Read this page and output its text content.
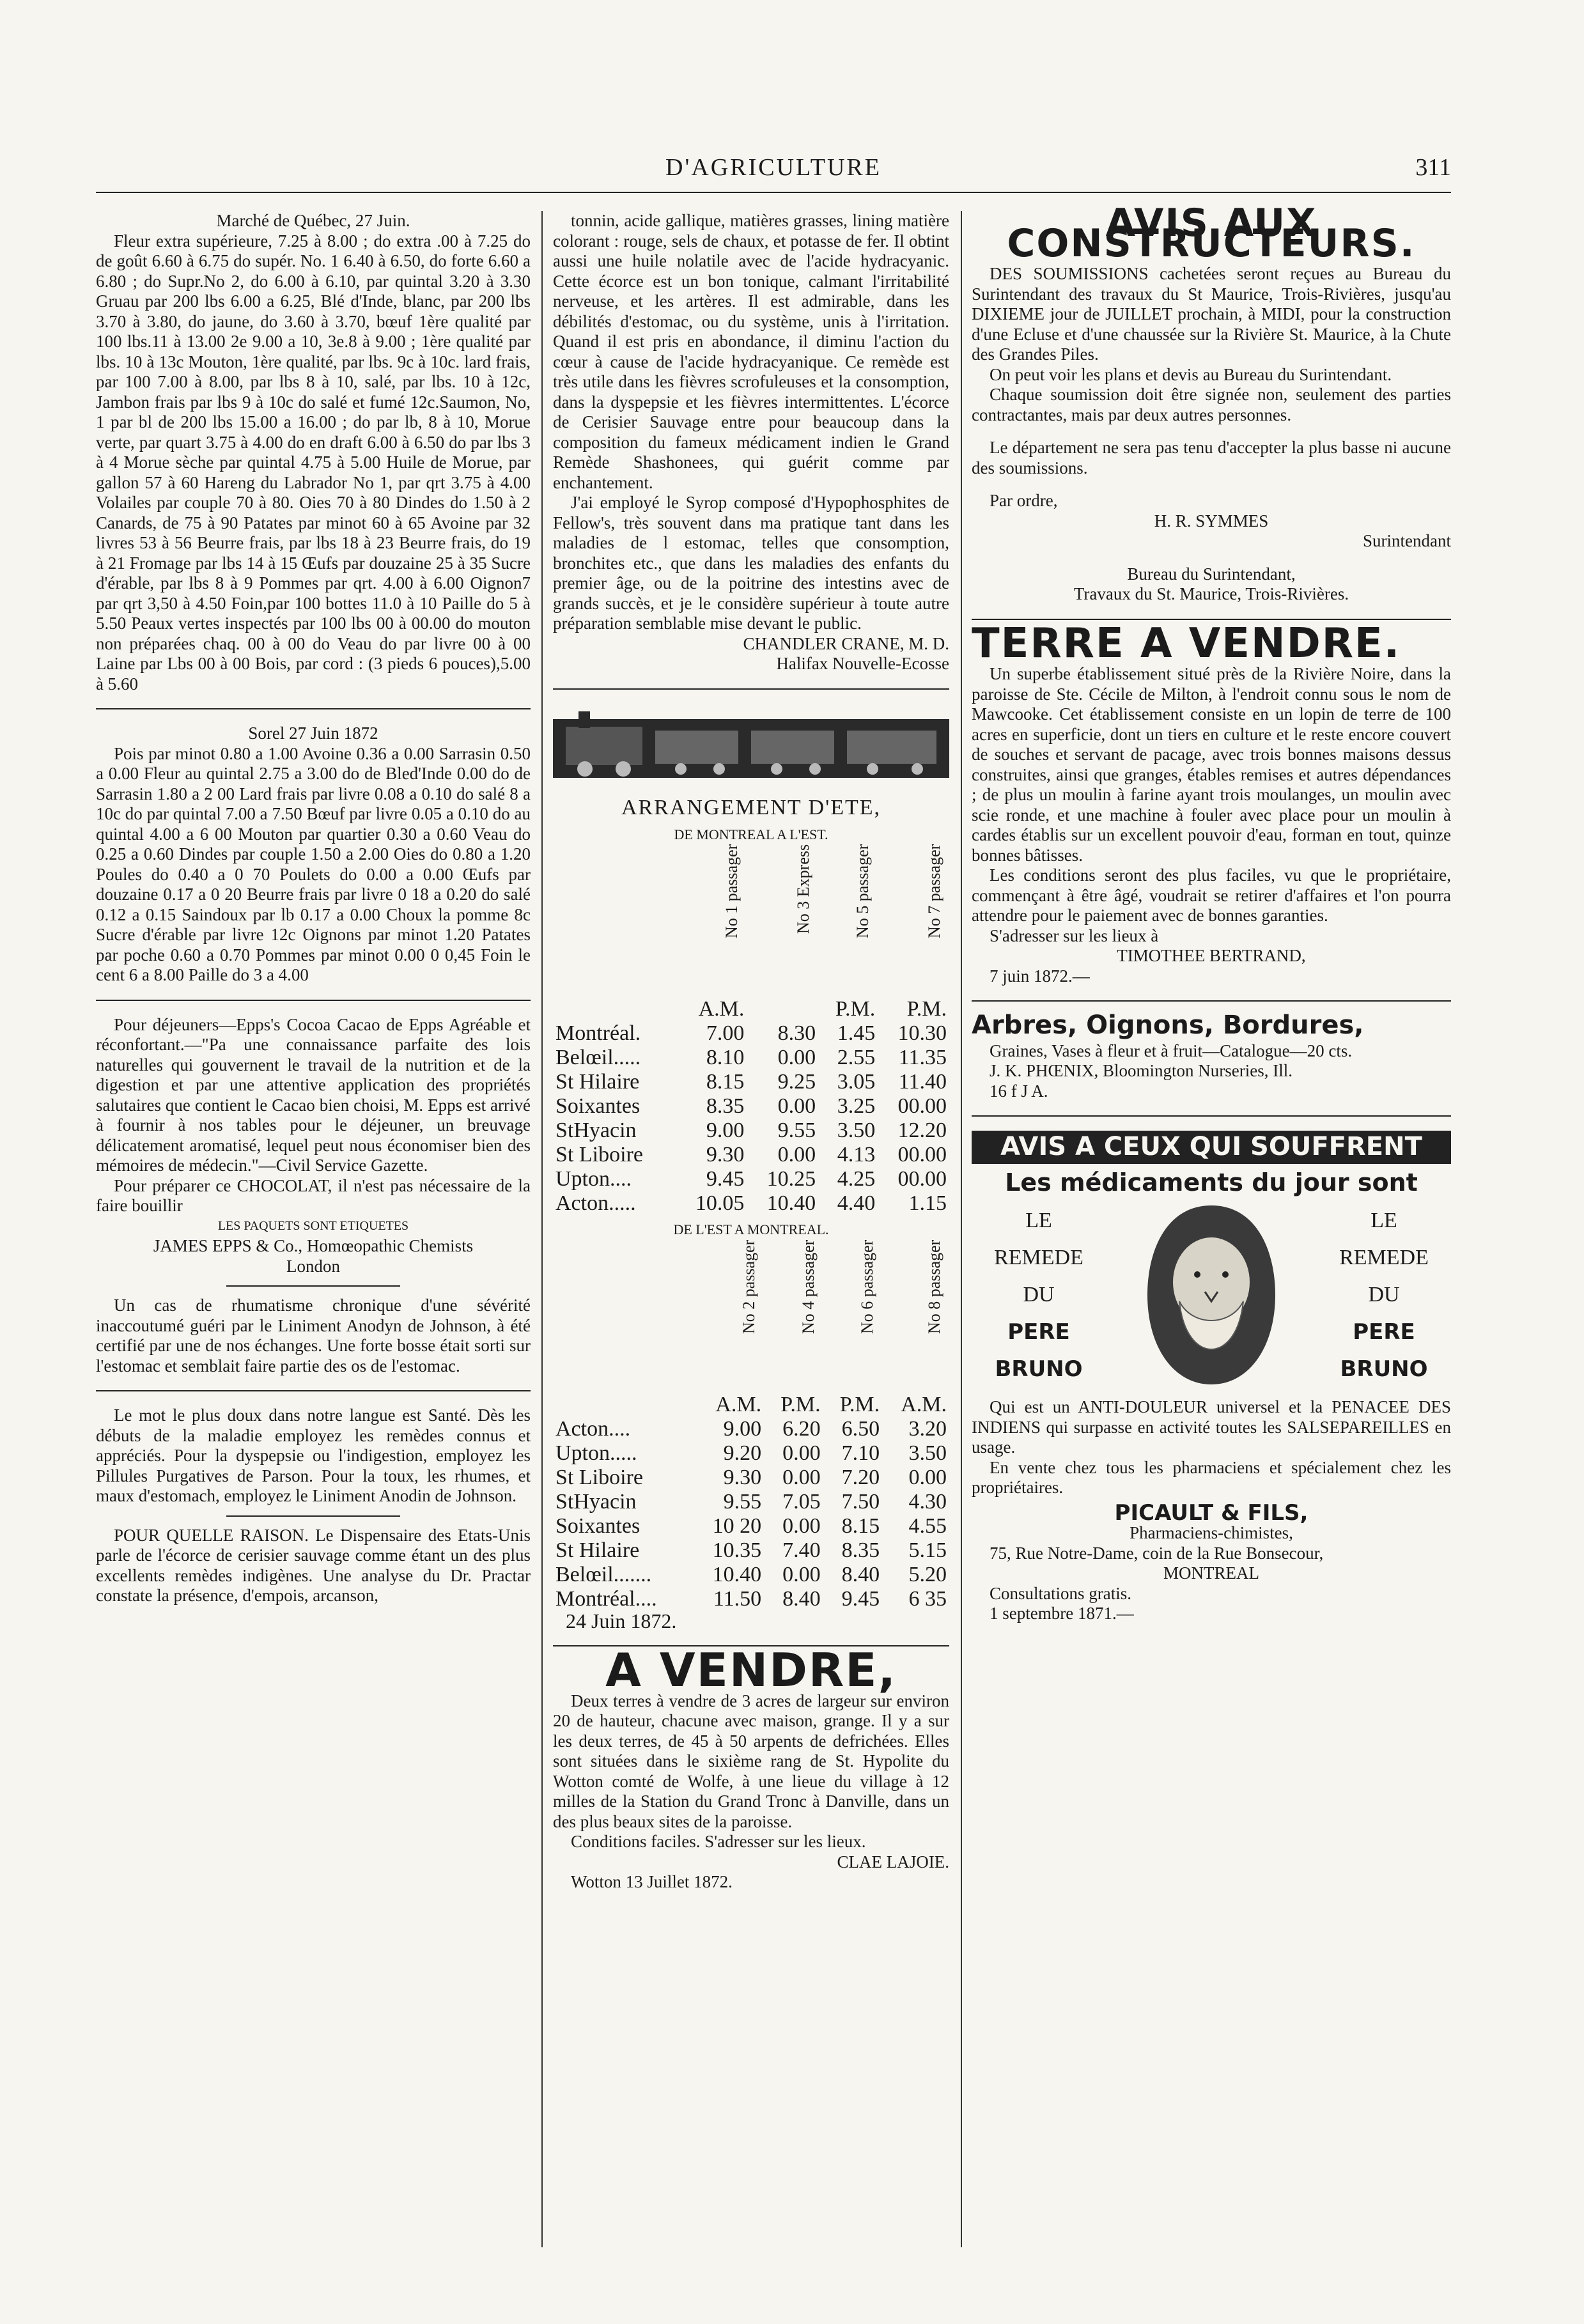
D'AGRICULTURE	311

Marché de Québec, 27 Juin.

Fleur extra supérieure, 7.25 à 8.00 ; do extra .00 à 7.25 do de goût 6.60 à 6.75 do supér. No. 1 6.40 à 6.50, do forte 6.60 a 6.80 ; do Supr.No 2, do 6.00 à 6.10, par quintal 3.20 à 3.30 Gruau par 200 lbs 6.00 a 6.25, Blé d'Inde, blanc, par 200 lbs 3.70 à 3.80, do jaune, do 3.60 à 3.70, bœuf 1ère qualité par 100 lbs.11 à 13.00 2e 9.00 a 10, 3e.8 à 9.00 ; 1ère qualité par lbs. 10 à 13c Mouton, 1ère qualité, par lbs. 9c à 10c. lard frais, par 100 7.00 à 8.00, par lbs 8 à 10, salé, par lbs. 10 à 12c, Jambon frais par lbs 9 à 10c do salé et fumé 12c.Saumon, No, 1 par bl de 200 lbs 15.00 a 16.00 ; do par lb, 8 à 10, Morue verte, par quart 3.75 à 4.00 do en draft 6.00 à 6.50 do par lbs 3 à 4 Morue sèche par quintal 4.75 à 5.00 Huile de Morue, par gallon 57 à 60 Hareng du Labrador No 1, par qrt 3.75 à 4.00 Volailes par couple 70 à 80. Oies 70 à 80 Dindes do 1.50 à 2 Canards, de 75 à 90 Patates par minot 60 à 65 Avoine par 32 livres 53 à 56 Beurre frais, par lbs 18 à 23 Beurre frais, do 19 à 21 Fromage par lbs 14 à 15 Œufs par douzaine 25 à 35 Sucre d'érable, par lbs 8 à 9 Pommes par qrt. 4.00 à 6.00 Oignon7 par qrt 3,50 à 4.50 Foin,par 100 bottes 11.0 à 10 Paille do 5 à 5.50 Peaux vertes inspectés par 100 lbs 00 à 00.00 do mouton non préparées chaq. 00 à 00 do Veau do par livre 00 à 00 Laine par Lbs 00 à 00 Bois, par cord : (3 pieds 6 pouces),5.00 à 5.60

Sorel 27 Juin 1872

Pois par minot 0.80 a 1.00 Avoine 0.36 a 0.00 Sarrasin 0.50 a 0.00 Fleur au quintal 2.75 a 3.00 do de Bled'Inde 0.00 do de Sarrasin 1.80 a 2 00 Lard frais par livre 0.08 a 0.10 do salé 8 a 10c do par quintal 7.00 a 7.50 Bœuf par livre 0.05 a 0.10 do au quintal 4.00 a 6 00 Mouton par quartier 0.30 a 0.60 Veau do 0.25 a 0.60 Dindes par couple 1.50 a 2.00 Oies do 0.80 a 1.20 Poules do 0.40 a 0 70 Poulets do 0.00 a 0.00 Œufs par douzaine 0.17 a 0 20 Beurre frais par livre 0 18 a 0.20 do salé 0.12 a 0.15 Saindoux par lb 0.17 a 0.00 Choux la pomme 8c Sucre d'érable par livre 12c Oignons par minot 1.20 Patates par poche 0.60 a 0.70 Pommes par minot 0.00 0 0,45 Foin le cent 6 a 8.00 Paille do 3 a 4.00

Pour déjeuners—Epps's Cocoa Cacao de Epps Agréable et réconfortant.—"Pa une connaissance parfaite des lois naturelles qui gouvernent le travail de la nutrition et de la digestion et par une attentive application des propriétés salutaires que contient le Cacao bien choisi, M. Epps est arrivé à fournir à nos tables pour le déjeuner, un breuvage délicatement aromatisé, lequel peut nous économiser bien des mémoires de médecin."—Civil Service Gazette.

Pour préparer ce CHOCOLAT, il n'est pas nécessaire de la faire bouillir

LES PAQUETS SONT ETIQUETES

JAMES EPPS & Co., Homœopathic Chemists

London

Un cas de rhumatisme chronique d'une sévérité inaccoutumé guéri par le Liniment Anodyn de Johnson, à été certifié par une de nos échanges. Une forte bosse était sorti sur l'estomac et semblait faire partie des os de l'estomac.

Le mot le plus doux dans notre langue est Santé. Dès les débuts de la maladie employez les remèdes connus et appréciés. Pour la dyspepsie ou l'indigestion, employez les Pillules Purgatives de Parson. Pour la toux, les rhumes, et maux d'estomach, employez le Liniment Anodin de Johnson.

POUR QUELLE RAISON. Le Dispensaire des Etats-Unis parle de l'écorce de cerisier sauvage comme étant un des plus excellents remèdes indigènes. Une analyse du Dr. Practar constate la présence, d'empois, arcanson,

tonnin, acide gallique, matières grasses, lining matière colorant : rouge, sels de chaux, et potasse de fer. Il obtint aussi une huile nolatile avec de l'acide hydracyanic. Cette écorce est un bon tonique, calmant l'irritabilité nerveuse, et les artères. Il est admirable, dans les débilités d'estomac, ou du système, unis à l'irritation. Quand il est pris en abondance, il diminu l'action du cœur à cause de l'acide hydracyanique. Ce remède est très utile dans les fièvres scrofuleuses et la consomption, dans la dyspepsie et les fièvres intermittentes. L'écorce de Cerisier Sauvage entre pour beaucoup dans la composition du fameux médicament indien le Grand Remède Shashonees, qui guérit comme par enchantement.

J'ai employé le Syrop composé d'Hypophosphites de Fellow's, très souvent dans ma pratique tant dans les maladies de l estomac, telles que consomption, bronchites etc., que dans les maladies des enfants du premier âge, ou de la poitrine des intestins avec de grands succès, et je le considère supérieur à toute autre préparation semblable mise devant le public.

CHANDLER CRANE, M. D.

Halifax Nouvelle-Ecosse

ARRANGEMENT D'ETE,

DE MONTREAL A L'EST.

	No 1 passager	No 3 Express	No 5 passager	No 7 passager
	A.M.		P.M.	P.M.
Montréal.	7.00	8.30	1.45	10.30
Belœil.....	8.10	0.00	2.55	11.35
St Hilaire	8.15	9.25	3.05	11.40
Soixantes	8.35	0.00	3.25	00.00
StHyacin	9.00	9.55	3.50	12.20
St Liboire	9.30	0.00	4.13	00.00
Upton....	9.45	10.25	4.25	00.00
Acton.....	10.05	10.40	4.40	1.15

DE L'EST A MONTREAL.

	No 2 passager	No 4 passager	No 6 passager	No 8 passager
	A.M.	P.M.	P.M.	A.M.
Acton....	9.00	6.20	6.50	3.20
Upton.....	9.20	0.00	7.10	3.50
St Liboire	9.30	0.00	7.20	0.00
StHyacin	9.55	7.05	7.50	4.30
Soixantes	10 20	0.00	8.15	4.55
St Hilaire	10.35	7.40	8.35	5.15
Belœil.......	10.40	0.00	8.40	5.20
Montréal....	11.50	8.40	9.45	6 35

24 Juin 1872.

A VENDRE,

Deux terres à vendre de 3 acres de largeur sur environ 20 de hauteur, chacune avec maison, grange. Il y a sur les deux terres, de 45 à 50 arpents de defrichées. Elles sont situées dans le sixième rang de St. Hypolite du Wotton comté de Wolfe, à une lieue du village à 12 milles de la Station du Grand Tronc à Danville, dans un des plus beaux sites de la paroisse.

Conditions faciles. S'adresser sur les lieux.

CLAE LAJOIE.

Wotton 13 Juillet 1872.

AVIS AUX CONSTRUCTEURS.

DES SOUMISSIONS cachetées seront reçues au Bureau du Surintendant des travaux du St Maurice, Trois-Rivières, jusqu'au DIXIEME jour de JUILLET prochain, à MIDI, pour la construction d'une Ecluse et d'une chaussée sur la Rivière St. Maurice, à la Chute des Grandes Piles.

On peut voir les plans et devis au Bureau du Surintendant.

Chaque soumission doit être signée non, seulement des parties contractantes, mais par deux autres personnes.

Le département ne sera pas tenu d'accepter la plus basse ni aucune des soumissions.

Par ordre,

H. R. SYMMES

Surintendant

Bureau du Surintendant,

Travaux du St. Maurice, Trois-Rivières.

TERRE A VENDRE.

Un superbe établissement situé près de la Rivière Noire, dans la paroisse de Ste. Cécile de Milton, à l'endroit connu sous le nom de Mawcooke. Cet établissement consiste en un lopin de terre de 100 acres en superficie, dont un tiers en culture et le reste encore couvert de souches et servant de pacage, avec trois bonnes maisons dessus construites, ainsi que granges, étables remises et autres dépendances ; de plus un moulin à farine ayant trois moulanges, un moulin avec scie ronde, et une machine à fouler avec place pour un moulin à cardes établis sur un excellent pouvoir d'eau, forman en tout, quinze bonnes bâtisses.

Les conditions seront des plus faciles, vu que le propriétaire, commençant à être âgé, voudrait se retirer d'affaires et l'on pourra attendre pour le paiement avec de bonnes garanties.

S'adresser sur les lieux à

TIMOTHEE BERTRAND,

7 juin 1872.—

Arbres, Oignons, Bordures,

Graines, Vases à fleur et à fruit—Catalogue—20 cts.

J. K. PHŒNIX, Bloomington Nurseries, Ill.

16 f J A.

AVIS A CEUX QUI SOUFFRENT
Les médicaments du jour sont
LE
REMEDE
DU
PERE BRUNO
LE
REMEDE
DU
PERE BRUNO

Qui est un ANTI-DOULEUR universel et la PENACEE DES INDIENS qui surpasse en activité toutes les SALSEPAREILLES en usage.

En vente chez tous les pharmaciens et spécialement chez les propriétaires.

PICAULT & FILS,

Pharmaciens-chimistes,

75, Rue Notre-Dame, coin de la Rue Bonsecour,

MONTREAL

Consultations gratis.

1 septembre 1871.—
